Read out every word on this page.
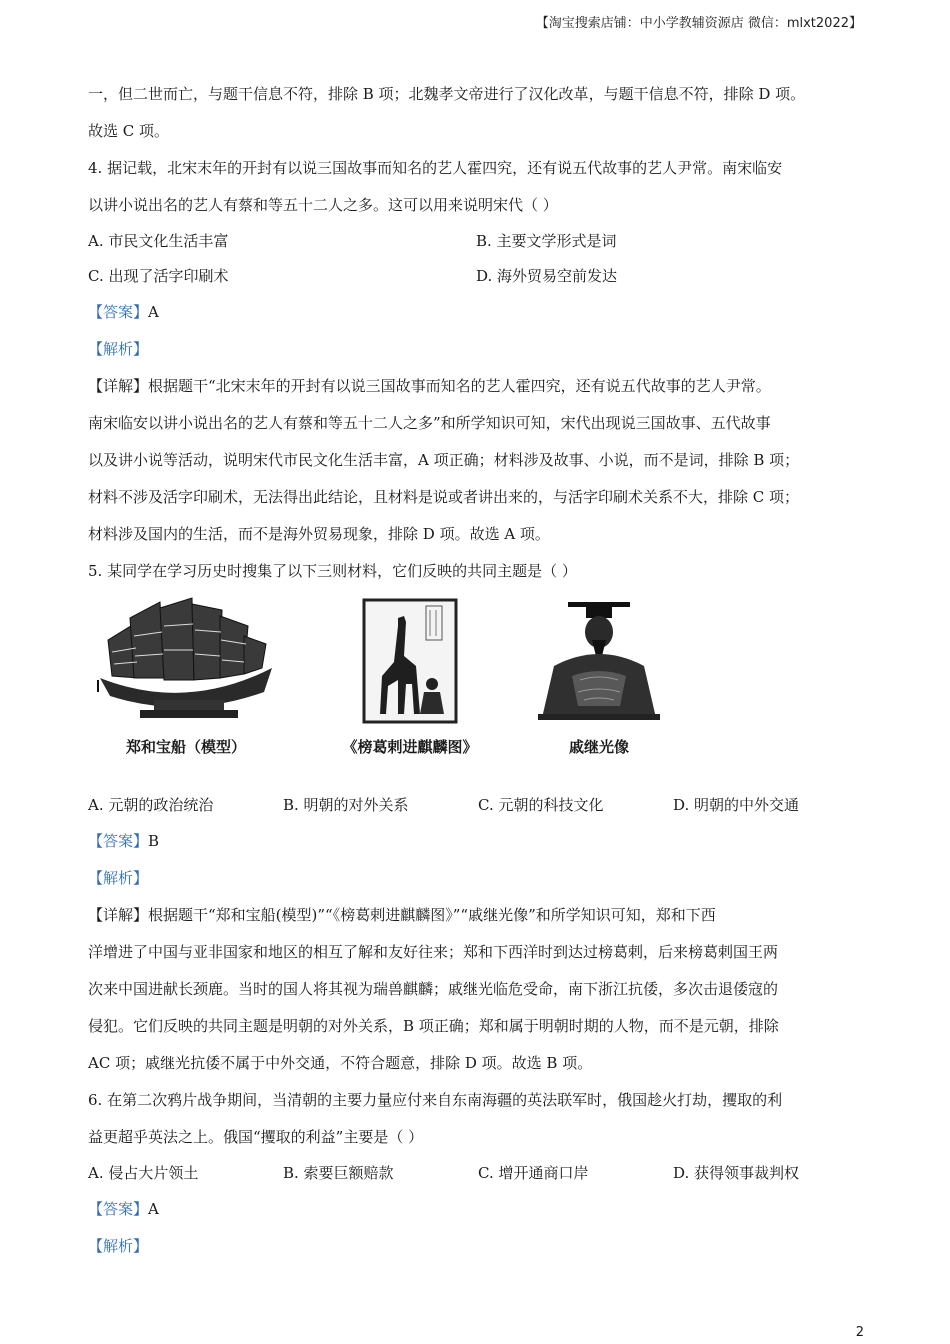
【淘宝搜索店铺：中小学教辅资源店 微信：mlxt2022】

一，但二世而亡，与题干信息不符，排除 B 项；北魏孝文帝进行了汉化改革，与题干信息不符，排除 D 项。

故选 C 项。

4. 据记载，北宋末年的开封有以说三国故事而知名的艺人霍四究，还有说五代故事的艺人尹常。南宋临安

以讲小说出名的艺人有蔡和等五十二人之多。这可以用来说明宋代（ ）

A. 市民文化生活丰富	B. 主要文学形式是词
C. 出现了活字印刷术	D. 海外贸易空前发达

【答案】A

【解析】

【详解】根据题干“北宋末年的开封有以说三国故事而知名的艺人霍四究，还有说五代故事的艺人尹常。

南宋临安以讲小说出名的艺人有蔡和等五十二人之多”和所学知识可知，宋代出现说三国故事、五代故事

以及讲小说等活动，说明宋代市民文化生活丰富，A 项正确；材料涉及故事、小说，而不是词，排除 B 项；

材料不涉及活字印刷术，无法得出此结论，且材料是说或者讲出来的，与活字印刷术关系不大，排除 C 项；

材料涉及国内的生活，而不是海外贸易现象，排除 D 项。故选 A 项。

5. 某同学在学习历史时搜集了以下三则材料，它们反映的共同主题是（ ）

郑和宝船（模型）	《榜葛剌进麒麟图》	戚继光像
A. 元朝的政治统治	B. 明朝的对外关系	C. 元朝的科技文化	D. 明朝的中外交通

【答案】B

【解析】

【详解】根据题干“郑和宝船(模型)”“《榜葛剌进麒麟图》”“戚继光像”和所学知识可知，郑和下西

洋增进了中国与亚非国家和地区的相互了解和友好往来；郑和下西洋时到达过榜葛剌，后来榜葛剌国王两

次来中国进献长颈鹿。当时的国人将其视为瑞兽麒麟；戚继光临危受命，南下浙江抗倭，多次击退倭寇的

侵犯。它们反映的共同主题是明朝的对外关系，B 项正确；郑和属于明朝时期的人物，而不是元朝，排除

AC 项；戚继光抗倭不属于中外交通，不符合题意，排除 D 项。故选 B 项。

6. 在第二次鸦片战争期间，当清朝的主要力量应付来自东南海疆的英法联军时，俄国趁火打劫，攫取的利

益更超乎英法之上。俄国“攫取的利益”主要是（ ）

A. 侵占大片领土	B. 索要巨额赔款	C. 增开通商口岸	D. 获得领事裁判权

【答案】A

【解析】

2
